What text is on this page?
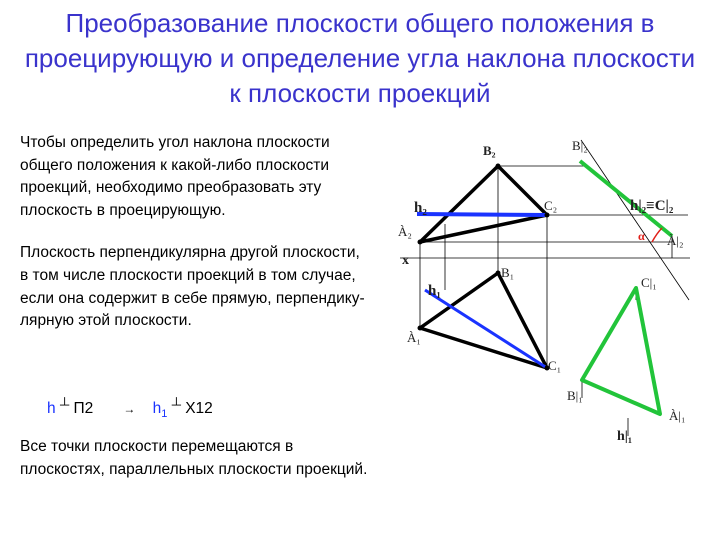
Преобразование плоскости общего положения в проецирующую и определение угла наклона плоскости к плоскости проекций

Чтобы определить угол наклона плоскости общего положения к какой-либо плоскости проекций, необходимо преобразовать эту плоскость в проецирующую.

Плоскость перпендикулярна другой плоскости, в том числе плоскости проекций в том случае, если она содержит в себе прямую, перпендику-лярную этой плоскости.

h ┴ П2	→ $h_1$ ┴ X12
Все точки плоскости перемещаются в плоскостях, параллельных плоскости проекций.
B₂
C₂
À₂
h₂
x
B₁
À₁
h₁
C₁
B|₂
h|₂≡C|₂
α À|₂
C|₁
B|₁
À|₁
h|₁
